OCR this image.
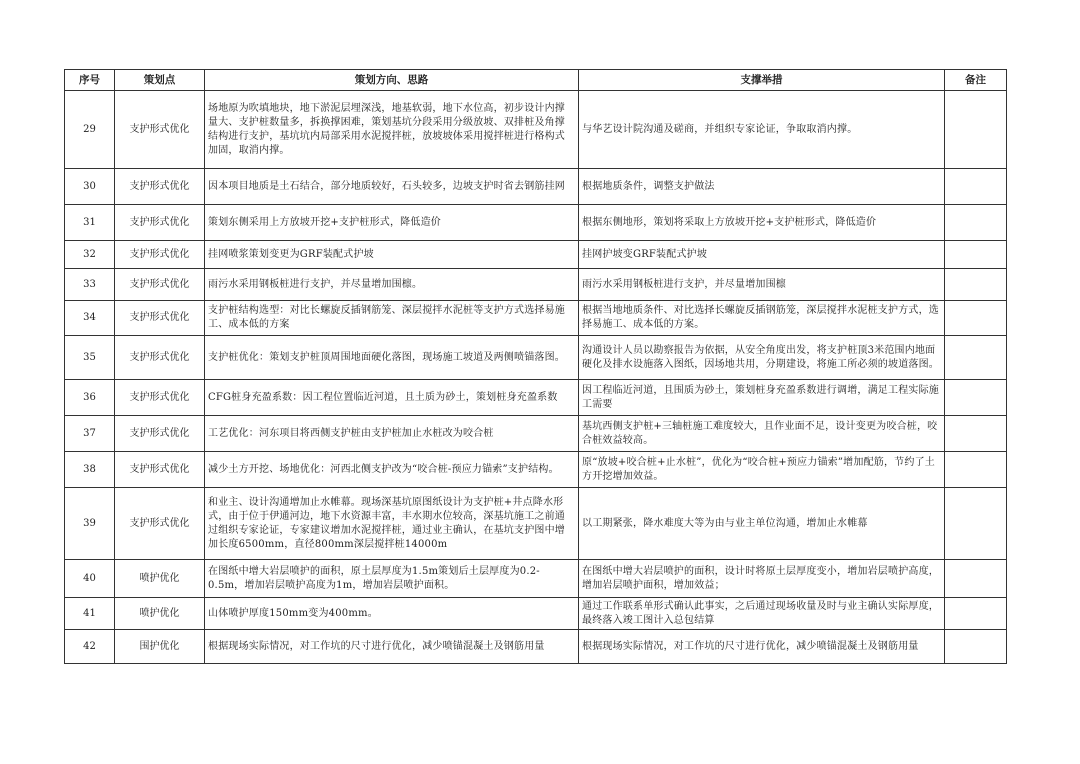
序号	策划点	策划方向、思路	支撑举措	备注
29	支护形式优化	场地原为吹填地块，地下淤泥层埋深浅，地基软弱，地下水位高，初步设计内撑量大、支护桩数量多，拆换撑困难，策划基坑分段采用分级放坡、双排桩及角撑结构进行支护，基坑坑内局部采用水泥搅拌桩，放坡坡体采用搅拌桩进行格构式加固，取消内撑。	与华艺设计院沟通及磋商，并组织专家论证，争取取消内撑。	
30	支护形式优化	因本项目地质是土石结合，部分地质较好，石头较多，边坡支护时省去钢筋挂网	根据地质条件，调整支护做法	
31	支护形式优化	策划东侧采用上方放坡开挖+支护桩形式，降低造价	根据东侧地形，策划将采取上方放坡开挖+支护桩形式，降低造价	
32	支护形式优化	挂网喷浆策划变更为GRF装配式护坡	挂网护坡变GRF装配式护坡	
33	支护形式优化	雨污水采用钢板桩进行支护，并尽量增加围檩。	雨污水采用钢板桩进行支护，并尽量增加围檩	
34	支护形式优化	支护桩结构选型：对比长螺旋反插钢筋笼、深层搅拌水泥桩等支护方式选择易施工、成本低的方案	根据当地地质条件、对比选择长螺旋反插钢筋笼，深层搅拌水泥桩支护方式，选择易施工、成本低的方案。	
35	支护形式优化	支护桩优化：策划支护桩顶周围地面硬化落图，现场施工坡道及两侧喷锚落图。	沟通设计人员以勘察报告为依据，从安全角度出发，将支护桩顶3米范围内地面硬化及排水设施落入图纸，因场地共用，分期建设，将施工所必须的坡道落图。	
36	支护形式优化	CFG桩身充盈系数：因工程位置临近河道，且土质为砂土，策划桩身充盈系数	因工程临近河道，且围质为砂土，策划桩身充盈系数进行调增，满足工程实际施工需要	
37	支护形式优化	工艺优化：河东项目将西侧支护桩由支护桩加止水桩改为咬合桩	基坑西侧支护桩+三轴桩施工难度较大，且作业面不足，设计变更为咬合桩，咬合桩效益较高。	
38	支护形式优化	减少土方开挖、场地优化：河西北侧支护改为“咬合桩-预应力锚索”支护结构。	原“放坡+咬合桩+止水桩”，优化为“咬合桩+预应力锚索”增加配筋，节约了土方开挖增加效益。	
39	支护形式优化	和业主、设计沟通增加止水帷幕。现场深基坑原图纸设计为支护桩+井点降水形式，由于位于伊通河边，地下水资源丰富，丰水期水位较高，深基坑施工之前通过组织专家论证，专家建议增加水泥搅拌桩，通过业主确认，在基坑支护图中增加长度6500mm，直径800mm深层搅拌桩14000m	以工期紧张，降水难度大等为由与业主单位沟通，增加止水帷幕	
40	喷护优化	在图纸中增大岩层喷护的面积，原土层厚度为1.5m策划后土层厚度为0.2-0.5m，增加岩层喷护高度为1m，增加岩层喷护面积。	在图纸中增大岩层喷护的面积，设计时将原土层厚度变小，增加岩层喷护高度，增加岩层喷护面积，增加效益；	
41	喷护优化	山体喷护厚度150mm变为400mm。	通过工作联系单形式确认此事实，之后通过现场收量及时与业主确认实际厚度，最终落入竣工图计入总包结算	
42	围护优化	根据现场实际情况，对工作坑的尺寸进行优化，减少喷锚混凝土及钢筋用量	根据现场实际情况，对工作坑的尺寸进行优化，减少喷锚混凝土及钢筋用量	
